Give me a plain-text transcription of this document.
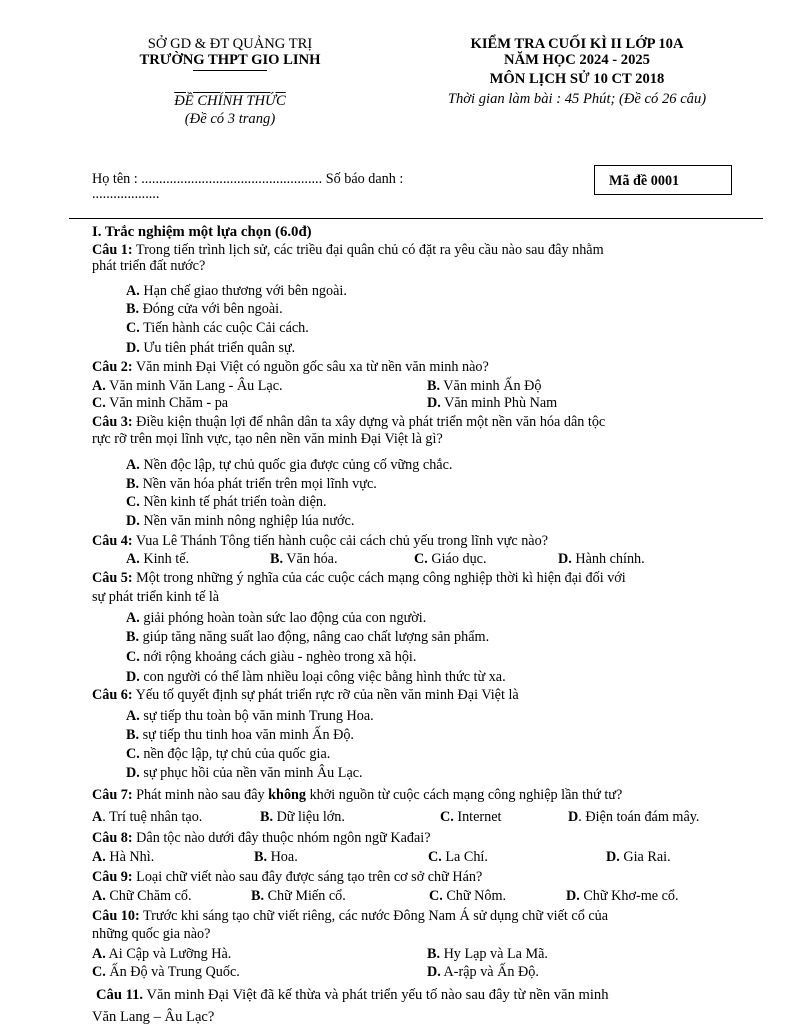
SỞ GD & ĐT QUẢNG TRỊ
TRƯỜNG THPT GIO LINH
ĐỀ CHÍNH THỨC
(Đề có 3 trang)
KIỂM TRA CUỐI KÌ II LỚP 10A
NĂM HỌC 2024 - 2025
MÔN LỊCH SỬ 10 CT 2018
Thời gian làm bài : 45 Phút; (Đề có 26 câu)
Họ tên : ................................................... Số báo danh :
...................
Mã đề 0001
I. Trắc nghiệm một lựa chọn (6.0đ)
Câu 1: Trong tiến trình lịch sử, các triều đại quân chủ có đặt ra yêu cầu nào sau đây nhằm
phát triển đất nước?
A. Hạn chế giao thương với bên ngoài.
B. Đóng cửa với bên ngoài.
C. Tiến hành các cuộc Cải cách.
D. Ưu tiên phát triển quân sự.
Câu 2: Văn minh Đại Việt có nguồn gốc sâu xa từ nền văn minh nào?
A. Văn minh Văn Lang - Âu Lạc.	B. Văn minh Ấn Độ
C. Văn minh Chăm - pa	D. Văn minh Phù Nam
Câu 3: Điều kiện thuận lợi để nhân dân ta xây dựng và phát triển một nền văn hóa dân tộc
rực rỡ trên mọi lĩnh vực, tạo nên nền văn minh Đại Việt là gì?
A. Nền độc lập, tự chủ quốc gia được củng cố vững chắc.
B. Nền văn hóa phát triển trên mọi lĩnh vực.
C. Nền kinh tế phát triển toàn diện.
D. Nền văn minh nông nghiệp lúa nước.
Câu 4: Vua Lê Thánh Tông tiến hành cuộc cải cách chủ yếu trong lĩnh vực nào?
A. Kinh tế.	B. Văn hóa.	C. Giáo dục.	D. Hành chính.
Câu 5: Một trong những ý nghĩa của các cuộc cách mạng công nghiệp thời kì hiện đại đối với
sự phát triển kinh tế là
A. giải phóng hoàn toàn sức lao động của con người.
B. giúp tăng năng suất lao động, nâng cao chất lượng sản phẩm.
C. nới rộng khoảng cách giàu - nghèo trong xã hội.
D. con người có thể làm nhiều loại công việc bằng hình thức từ xa.
Câu 6: Yếu tố quyết định sự phát triển rực rỡ của nền văn minh Đại Việt là
A. sự tiếp thu toàn bộ văn minh Trung Hoa.
B. sự tiếp thu tinh hoa văn minh Ấn Độ.
C. nền độc lập, tự chủ của quốc gia.
D. sự phục hồi của nền văn minh Âu Lạc.
Câu 7: Phát minh nào sau đây không khởi nguồn từ cuộc cách mạng công nghiệp lần thứ tư?
A. Trí tuệ nhân tạo.	B. Dữ liệu lớn.	C. Internet	D. Điện toán đám mây.
Câu 8: Dân tộc nào dưới đây thuộc nhóm ngôn ngữ Kađai?
A. Hà Nhì.	B. Hoa.	C. La Chí.	D. Gia Rai.
Câu 9: Loại chữ viết nào sau đây được sáng tạo trên cơ sở chữ Hán?
A. Chữ Chăm cổ.	B. Chữ Miến cổ.	C. Chữ Nôm.	D. Chữ Khơ-me cổ.
Câu 10: Trước khi sáng tạo chữ viết riêng, các nước Đông Nam Á sử dụng chữ viết cổ của
những quốc gia nào?
A. Ai Cập và Lưỡng Hà.	B. Hy Lạp và La Mã.
C. Ấn Độ và Trung Quốc.	D. A-rập và Ấn Độ.
Câu 11. Văn minh Đại Việt đã kế thừa và phát triển yếu tố nào sau đây từ nền văn minh
Văn Lang – Âu Lạc?
